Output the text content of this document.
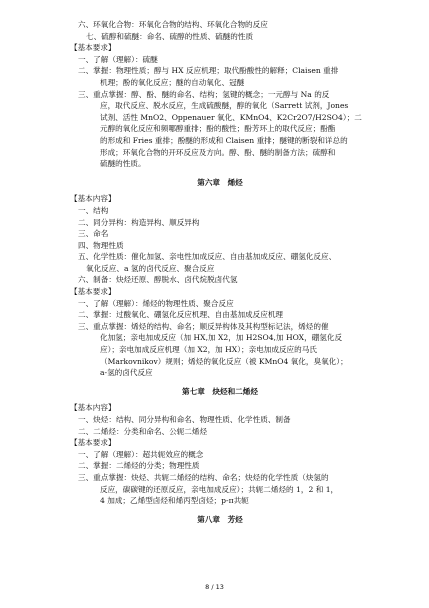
六、环氧化合物：环氧化合物的结构、环氧化合物的反应
七、硫醇和硫醚：命名、硫醇的性质、硫醚的性质
【基本要求】
一、了解（理解）：硫醚
二、掌握：物理性质；醇与 HX 反应机理；取代酚酸性的解释；Claisen 重排
机理；酚的氧化反应；醚的自动氧化、冠醚
三、重点掌握：醇、酚、醚的命名、结构；氢键的概念；一元醇与 Na 的反
应，取代反应、脱水反应，生成硫酸醚，醇的氧化（Sarrett 试剂，Jones
试剂、活性 MnO2、Oppenauer 氧化、KMnO4、K2Cr2O7/H2SO4）；二
元醇的氧化反应和频哪醇重排；酚的酸性；酚芳环上的取代反应；酚酯
的形成和 Fries 重排；酚醚的形成和 Claisen 重排；醚键的断裂和详总的
形成；环氧化合物的开环反应及方向。醇、酚、醚的制备方法；硫醇和
硫醚的性质。
第六章　烯烃
【基本内容】
一、结构
二、同分异构：构造异构、顺反异构
三、命名
四、物理性质
五、化学性质：催化加氢、亲电性加成反应、自由基加成反应、硼氢化反应、
氧化反应、a 氢的卤代反应、聚合反应
六、制备：炔烃还原、醇脱水、卤代烷脱卤代氢
【基本要求】
一、了解（理解）：烯烃的物理性质、聚合反应
二、掌握：过酸氧化、硼氢化反应机理、自由基加成反应机理
三、重点掌握：烯烃的结构、命名；顺反异构体及其构型标记法，烯烃的催
化加氢；亲电加成反应（加 HX,加 X2，加 H2SO4,加 HOX，硼氢化反
应）；亲电加成反应机理（加 X2，加 HX）；亲电加成反应的马氏
（Markovnikov）规则；烯烃的氧化反应（被 KMnO4 氧化，臭氧化）；
a-氢的卤代反应
第七章　炔烃和二烯烃
【基本内容】
一、炔烃：结构、同分异构和命名、物理性质、化学性质、制备
二、二烯烃：分类和命名、公轭二烯烃
【基本要求】
一、了解（理解）：超共轭效应的概念
二、掌握：二烯烃的分类；物理性质
三、重点掌握：炔烃、共轭二烯烃的结构、命名；炔烃的化学性质（炔氢的
反应，碳碳键的还原反应，亲电加成反应）；共轭二烯烃的 1，2 和 1，
4 加成；乙烯型卤烃和烯丙型卤烃；p-π共轭
第八章　芳烃
8 / 13
